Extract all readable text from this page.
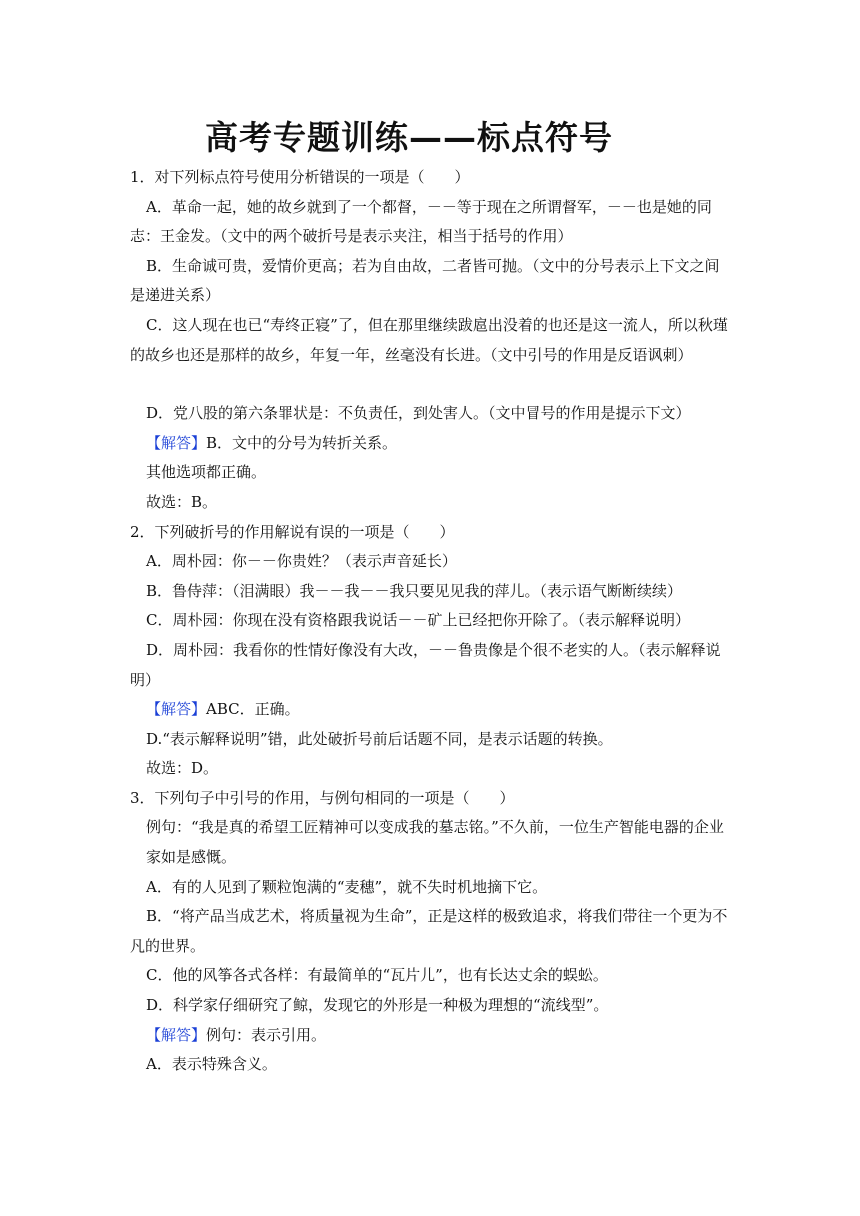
高考专题训练——标点符号

1．对下列标点符号使用分析错误的一项是（　　）

A．革命一起，她的故乡就到了一个都督，－－等于现在之所谓督军，－－也是她的同志：王金发。（文中的两个破折号是表示夹注，相当于括号的作用）

B．生命诚可贵，爱情价更高；若为自由故，二者皆可抛。（文中的分号表示上下文之间是递进关系）

C．这人现在也已“寿终正寝”了，但在那里继续跋扈出没着的也还是这一流人，所以秋瑾的故乡也还是那样的故乡，年复一年，丝毫没有长进。（文中引号的作用是反语讽刺）

D．党八股的第六条罪状是：不负责任，到处害人。（文中冒号的作用是提示下文）

【解答】B．文中的分号为转折关系。

其他选项都正确。

故选：B。

2．下列破折号的作用解说有误的一项是（　　）

A．周朴园：你－－你贵姓？（表示声音延长）

B．鲁侍萍：（泪满眼）我－－我－－我只要见见我的萍儿。（表示语气断断续续）

C．周朴园：你现在没有资格跟我说话－－矿上已经把你开除了。（表示解释说明）

D．周朴园：我看你的性情好像没有大改，－－鲁贵像是个很不老实的人。（表示解释说明）

【解答】ABC．正确。

D.“表示解释说明”错，此处破折号前后话题不同，是表示话题的转换。

故选：D。

3．下列句子中引号的作用，与例句相同的一项是（　　）

例句：“我是真的希望工匠精神可以变成我的墓志铭。”不久前，一位生产智能电器的企业家如是感慨。

A．有的人见到了颗粒饱满的“麦穗”，就不失时机地摘下它。

B．“将产品当成艺术，将质量视为生命”，正是这样的极致追求，将我们带往一个更为不凡的世界。

C．他的风筝各式各样：有最简单的“瓦片儿”，也有长达丈余的蜈蚣。

D．科学家仔细研究了鲸，发现它的外形是一种极为理想的“流线型”。

【解答】例句：表示引用。

A．表示特殊含义。
